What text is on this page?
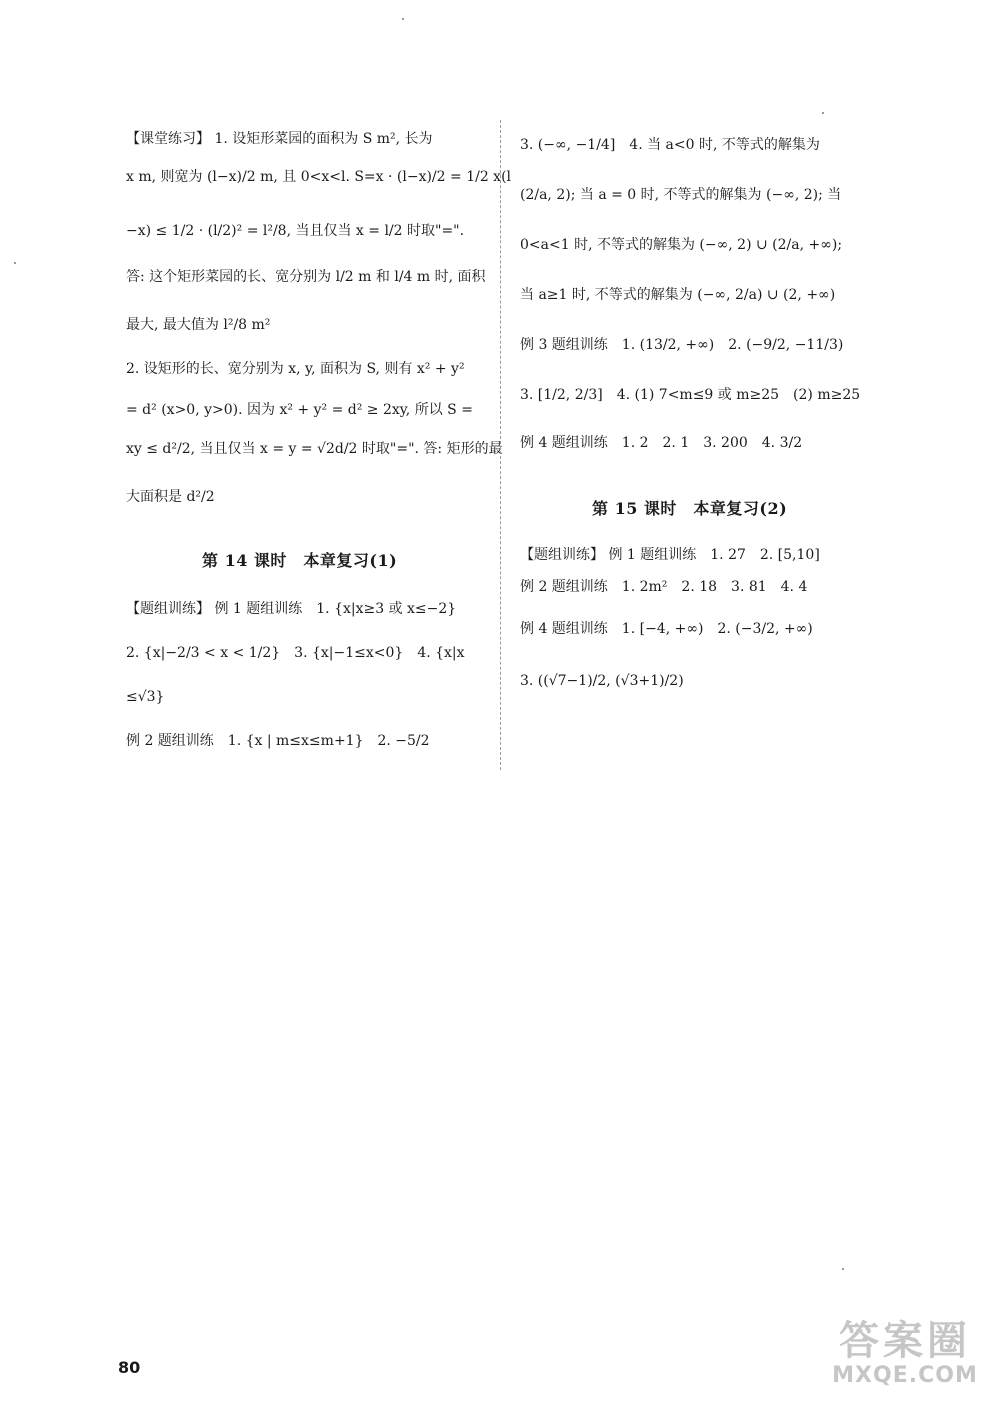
【课堂练习】 1. 设矩形菜园的面积为 S m², 长为
x m, 则宽为 (l−x)/2 m, 且 0<x<l. S=x · (l−x)/2 = 1/2 x(l
−x) ≤ 1/2 · (l/2)² = l²/8, 当且仅当 x = l/2 时取"=".
答: 这个矩形菜园的长、宽分别为 l/2 m 和 l/4 m 时, 面积
最大, 最大值为 l²/8 m²
2. 设矩形的长、宽分别为 x, y, 面积为 S, 则有 x² + y²
= d² (x>0, y>0). 因为 x² + y² = d² ≥ 2xy, 所以 S =
xy ≤ d²/2, 当且仅当 x = y = √2d/2 时取"=". 答: 矩形的最
大面积是 d²/2
第 14 课时　本章复习(1)
【题组训练】 例 1 题组训练　1. {x|x≥3 或 x≤−2}
2. {x|−2/3 < x < 1/2}　3. {x|−1≤x<0}　4. {x|x
≤√3}
例 2 题组训练　1. {x | m≤x≤m+1}　2. −5/2
3. (−∞, −1/4]　4. 当 a<0 时, 不等式的解集为
(2/a, 2); 当 a = 0 时, 不等式的解集为 (−∞, 2); 当
0<a<1 时, 不等式的解集为 (−∞, 2) ∪ (2/a, +∞);
当 a≥1 时, 不等式的解集为 (−∞, 2/a) ∪ (2, +∞)
例 3 题组训练　1. (13/2, +∞)　2. (−9/2, −11/3)
3. [1/2, 2/3]　4. (1) 7<m≤9 或 m≥25　(2) m≥25
例 4 题组训练　1. 2　2. 1　3. 200　4. 3/2
第 15 课时　本章复习(2)
【题组训练】 例 1 题组训练　1. 27　2. [5,10]
例 2 题组训练　1. 2m²　2. 18　3. 81　4. 4
例 4 题组训练　1. [−4, +∞)　2. (−3/2, +∞)
3. ((√7−1)/2, (√3+1)/2)
80
答案圈
MXQE.COM
